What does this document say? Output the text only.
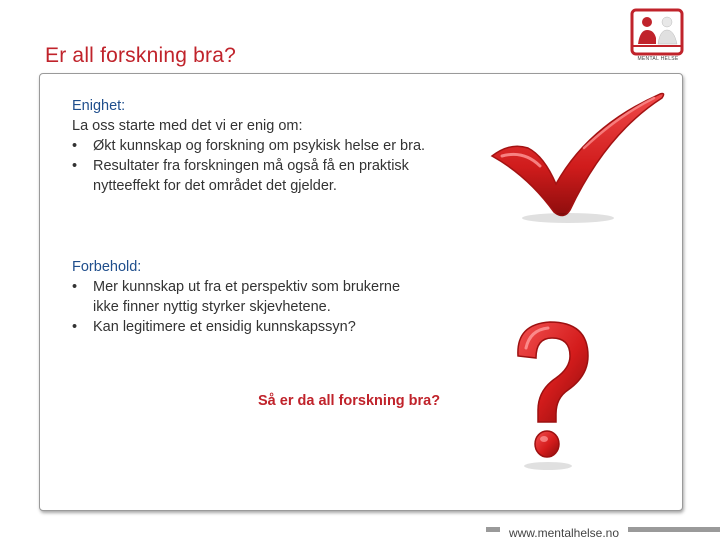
Er all forskning bra?	MENTAL HELSE
Enighet:
La oss starte med det vi er enig om:
• Økt kunnskap og forskning om psykisk helse er bra.
• Resultater fra forskningen må også få en praktisk
nytteeffekt for det området det gjelder.
Forbehold:
• Mer kunnskap ut fra et perspektiv som brukerne
ikke finner nyttig styrker skjevhetene.
• Kan legitimere et ensidig kunnskapssyn?
Så er da all forskning bra?
www.mentalhelse.no
